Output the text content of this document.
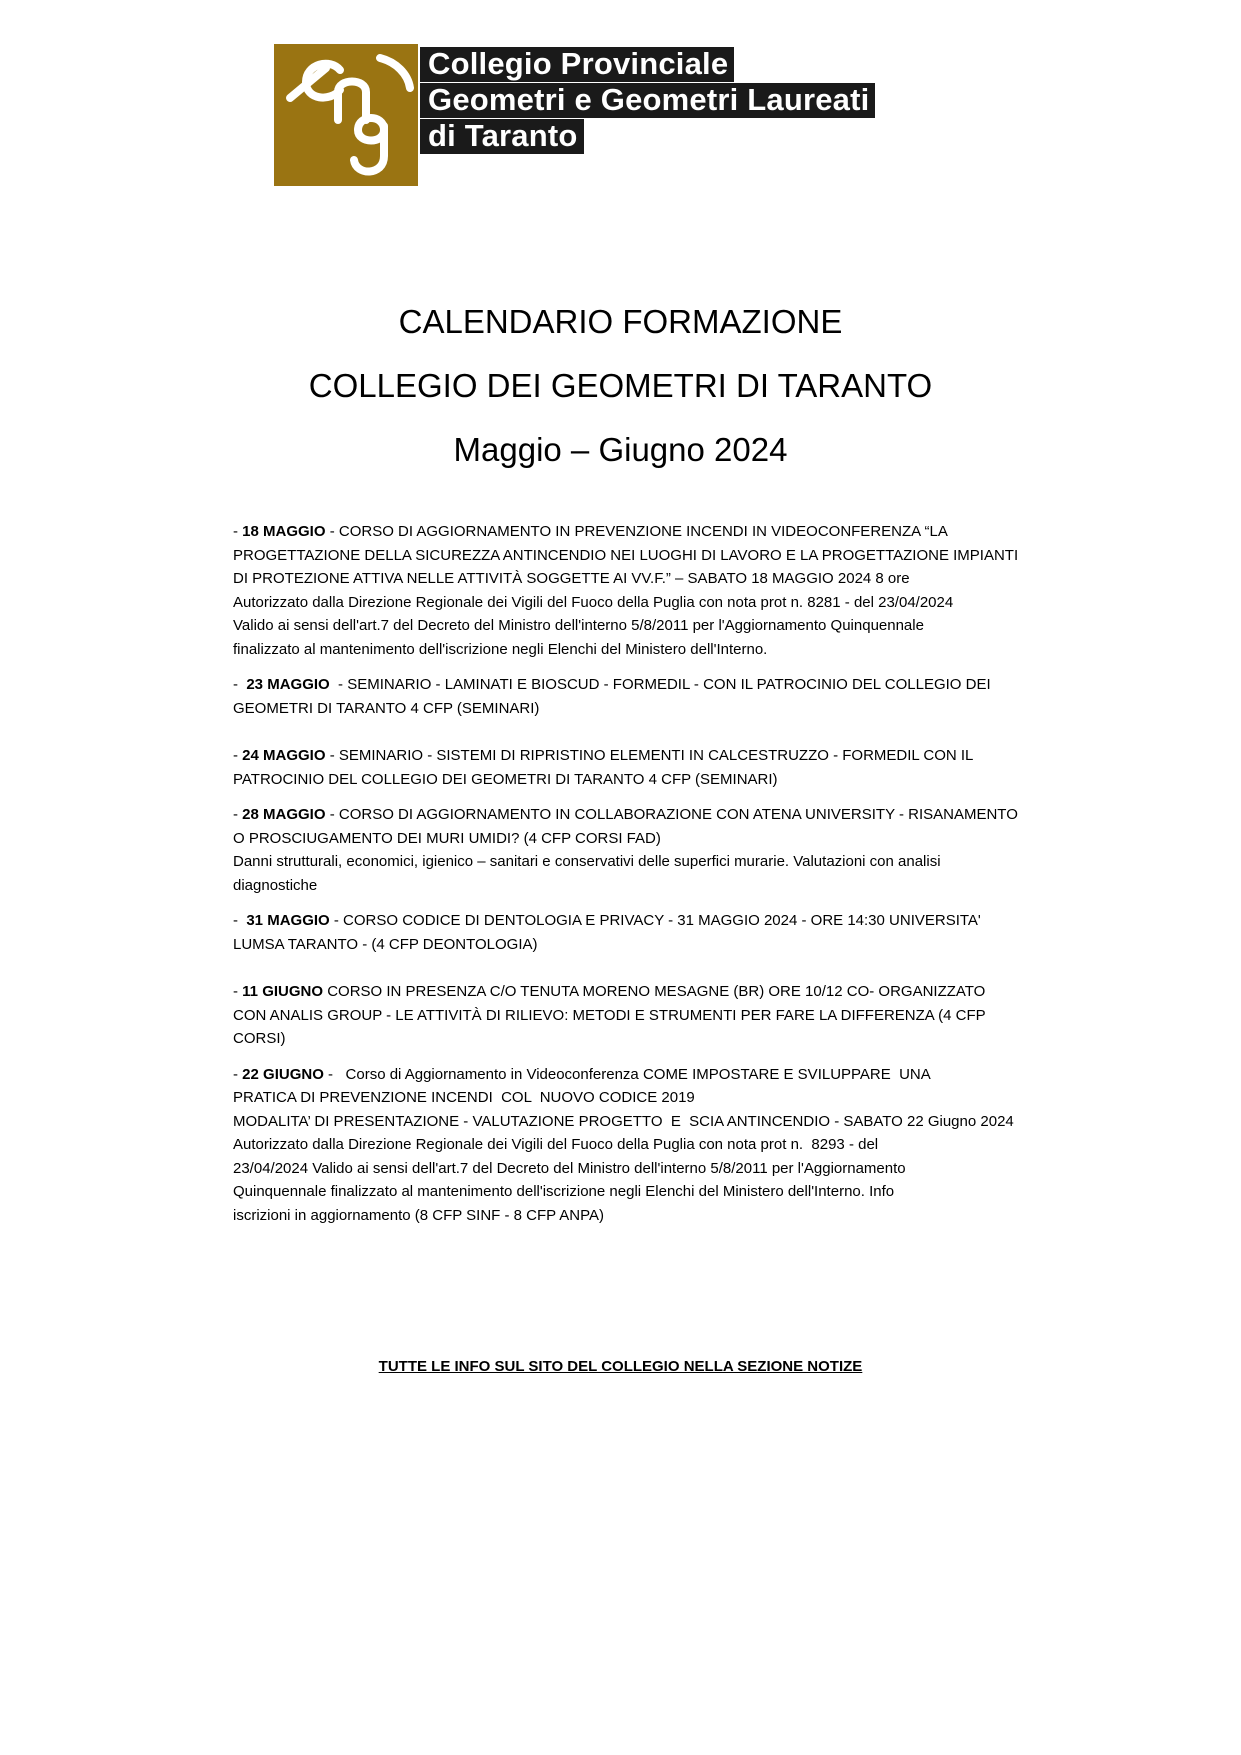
Collegio Provinciale
Geometri e Geometri Laureati
di Taranto

CALENDARIO FORMAZIONE

COLLEGIO DEI GEOMETRI DI TARANTO

Maggio – Giugno 2024

- 18 MAGGIO - CORSO DI AGGIORNAMENTO IN PREVENZIONE INCENDI IN VIDEOCONFERENZA “LA
PROGETTAZIONE DELLA SICUREZZA ANTINCENDIO NEI LUOGHI DI LAVORO E LA PROGETTAZIONE IMPIANTI
DI PROTEZIONE ATTIVA NELLE ATTIVITÀ SOGGETTE AI VV.F.” – SABATO 18 MAGGIO 2024 8 ore
Autorizzato dalla Direzione Regionale dei Vigili del Fuoco della Puglia con nota prot n. 8281 - del 23/04/2024
Valido ai sensi dell'art.7 del Decreto del Ministro dell'interno 5/8/2011 per l'Aggiornamento Quinquennale
finalizzato al mantenimento dell'iscrizione negli Elenchi del Ministero dell'Interno.

-  23 MAGGIO  - SEMINARIO - LAMINATI E BIOSCUD - FORMEDIL - CON IL PATROCINIO DEL COLLEGIO DEI
GEOMETRI DI TARANTO 4 CFP (SEMINARI)

- 24 MAGGIO - SEMINARIO - SISTEMI DI RIPRISTINO ELEMENTI IN CALCESTRUZZO - FORMEDIL CON IL
PATROCINIO DEL COLLEGIO DEI GEOMETRI DI TARANTO 4 CFP (SEMINARI)

- 28 MAGGIO - CORSO DI AGGIORNAMENTO IN COLLABORAZIONE CON ATENA UNIVERSITY - RISANAMENTO
O PROSCIUGAMENTO DEI MURI UMIDI? (4 CFP CORSI FAD)
Danni strutturali, economici, igienico – sanitari e conservativi delle superfici murarie. Valutazioni con analisi
diagnostiche

-  31 MAGGIO - CORSO CODICE DI DENTOLOGIA E PRIVACY - 31 MAGGIO 2024 - ORE 14:30 UNIVERSITA'
LUMSA TARANTO - (4 CFP DEONTOLOGIA)

- 11 GIUGNO CORSO IN PRESENZA C/O TENUTA MORENO MESAGNE (BR) ORE 10/12 CO- ORGANIZZATO
CON ANALIS GROUP - LE ATTIVITÀ DI RILIEVO: METODI E STRUMENTI PER FARE LA DIFFERENZA (4 CFP
CORSI)

- 22 GIUGNO -   Corso di Aggiornamento in Videoconferenza COME IMPOSTARE E SVILUPPARE  UNA
PRATICA DI PREVENZIONE INCENDI  COL  NUOVO CODICE 2019
MODALITA’ DI PRESENTAZIONE - VALUTAZIONE PROGETTO  E  SCIA ANTINCENDIO - SABATO 22 Giugno 2024
Autorizzato dalla Direzione Regionale dei Vigili del Fuoco della Puglia con nota prot n.  8293 - del
23/04/2024 Valido ai sensi dell'art.7 del Decreto del Ministro dell'interno 5/8/2011 per l'Aggiornamento
Quinquennale finalizzato al mantenimento dell'iscrizione negli Elenchi del Ministero dell'Interno. Info
iscrizioni in aggiornamento (8 CFP SINF - 8 CFP ANPA)

TUTTE LE INFO SUL SITO DEL COLLEGIO NELLA SEZIONE NOTIZE
